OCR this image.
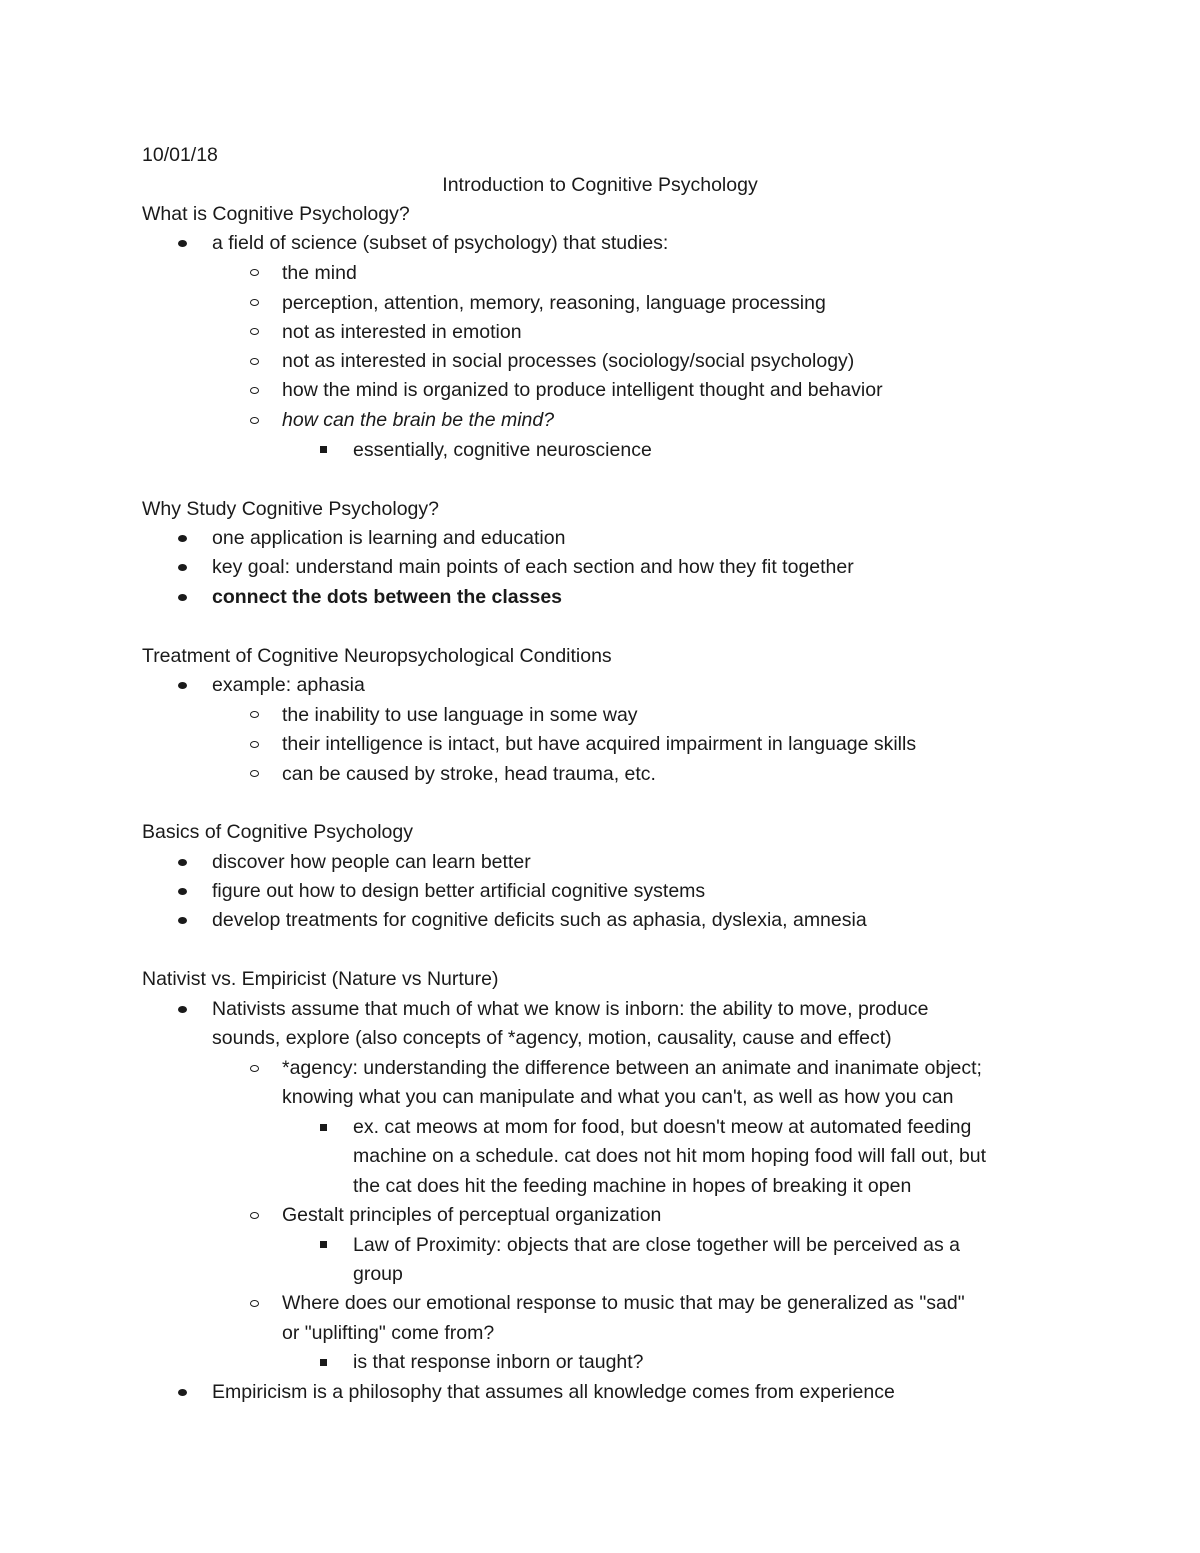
10/01/18
Introduction to Cognitive Psychology
What is Cognitive Psychology?
a field of science (subset of psychology) that studies:
the mind
perception, attention, memory, reasoning, language processing
not as interested in emotion
not as interested in social processes (sociology/social psychology)
how the mind is organized to produce intelligent thought and behavior
how can the brain be the mind?
essentially, cognitive neuroscience
Why Study Cognitive Psychology?
one application is learning and education
key goal: understand main points of each section and how they fit together
connect the dots between the classes
Treatment of Cognitive Neuropsychological Conditions
example: aphasia
the inability to use language in some way
their intelligence is intact, but have acquired impairment in language skills
can be caused by stroke, head trauma, etc.
Basics of Cognitive Psychology
discover how people can learn better
figure out how to design better artificial cognitive systems
develop treatments for cognitive deficits such as aphasia, dyslexia, amnesia
Nativist vs. Empiricist (Nature vs Nurture)
Nativists assume that much of what we know is inborn: the ability to move, produce
sounds, explore (also concepts of *agency, motion, causality, cause and effect)
*agency: understanding the difference between an animate and inanimate object;
knowing what you can manipulate and what you can't, as well as how you can
ex. cat meows at mom for food, but doesn't meow at automated feeding
machine on a schedule. cat does not hit mom hoping food will fall out, but
the cat does hit the feeding machine in hopes of breaking it open
Gestalt principles of perceptual organization
Law of Proximity: objects that are close together will be perceived as a
group
Where does our emotional response to music that may be generalized as "sad"
or "uplifting" come from?
is that response inborn or taught?
Empiricism is a philosophy that assumes all knowledge comes from experience
